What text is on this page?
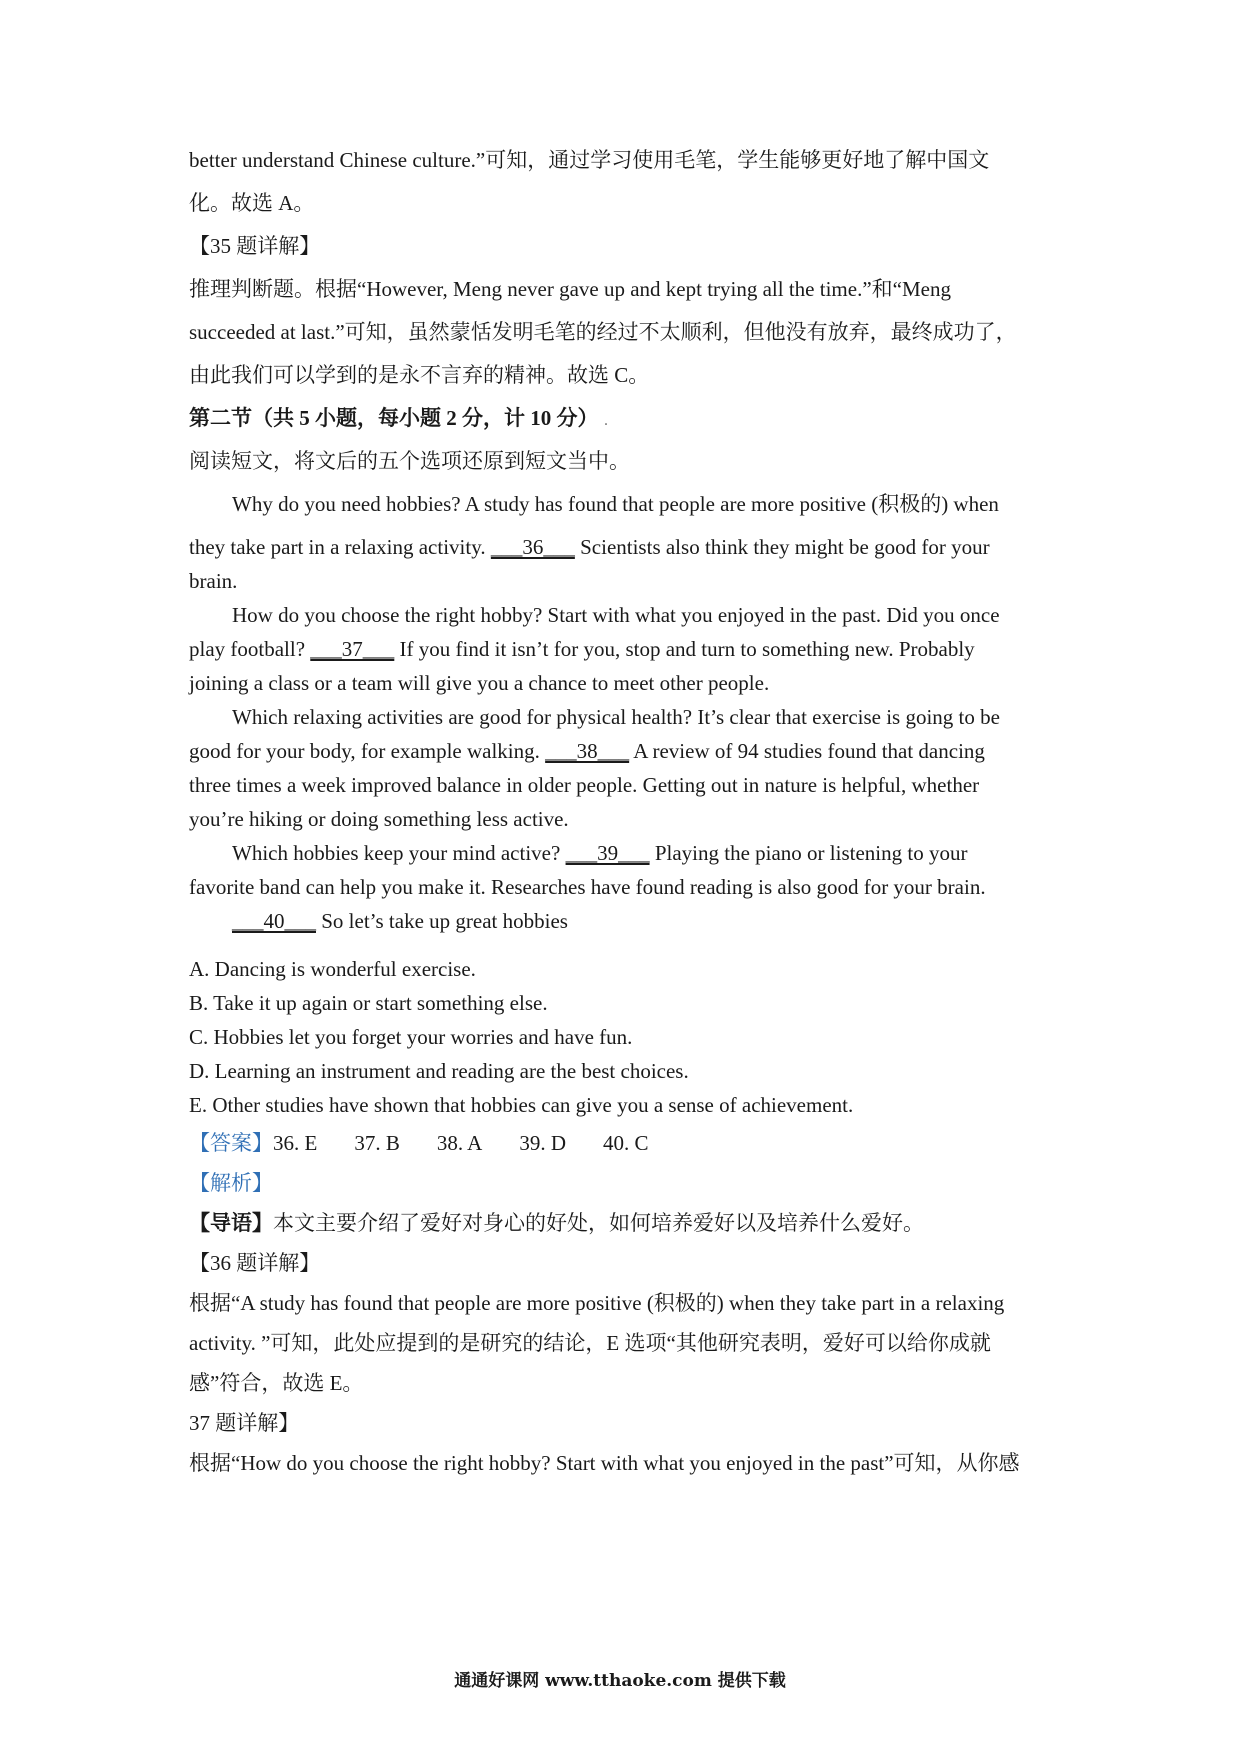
better understand Chinese culture.”可知，通过学习使用毛笔，学生能够更好地了解中国文
化。故选 A。
【35 题详解】
推理判断题。根据“However, Meng never gave up and kept trying all the time.”和“Meng
succeeded at last.”可知，虽然蒙恬发明毛笔的经过不太顺利，但他没有放弃，最终成功了，
由此我们可以学到的是永不言弃的精神。故选 C。
第二节（共 5 小题，每小题 2 分，计 10 分） .
阅读短文，将文后的五个选项还原到短文当中。
Why do you need hobbies? A study has found that people are more positive (积极的) when
they take part in a relaxing activity. ___36___ Scientists also think they might be good for your
brain.
How do you choose the right hobby? Start with what you enjoyed in the past. Did you once
play football? ___37___ If you find it isn’t for you, stop and turn to something new. Probably
joining a class or a team will give you a chance to meet other people.
Which relaxing activities are good for physical health? It’s clear that exercise is going to be
good for your body, for example walking. ___38___ A review of 94 studies found that dancing
three times a week improved balance in older people. Getting out in nature is helpful, whether
you’re hiking or doing something less active.
Which hobbies keep your mind active? ___39___ Playing the piano or listening to your
favorite band can help you make it. Researches have found reading is also good for your brain.
___40___ So let’s take up great hobbies
A. Dancing is wonderful exercise.
B. Take it up again or start something else.
C. Hobbies let you forget your worries and have fun.
D. Learning an instrument and reading are the best choices.
E. Other studies have shown that hobbies can give you a sense of achievement.
【答案】36. E 37. B 38. A 39. D 40. C
【解析】
【导语】本文主要介绍了爱好对身心的好处，如何培养爱好以及培养什么爱好。
【36 题详解】
根据“A study has found that people are more positive (积极的) when they take part in a relaxing
activity. ”可知，此处应提到的是研究的结论，E 选项“其他研究表明，爱好可以给你成就
感”符合，故选 E。
37 题详解】
根据“How do you choose the right hobby? Start with what you enjoyed in the past”可知，从你感
通通好课网 www.tthaoke.com 提供下载
